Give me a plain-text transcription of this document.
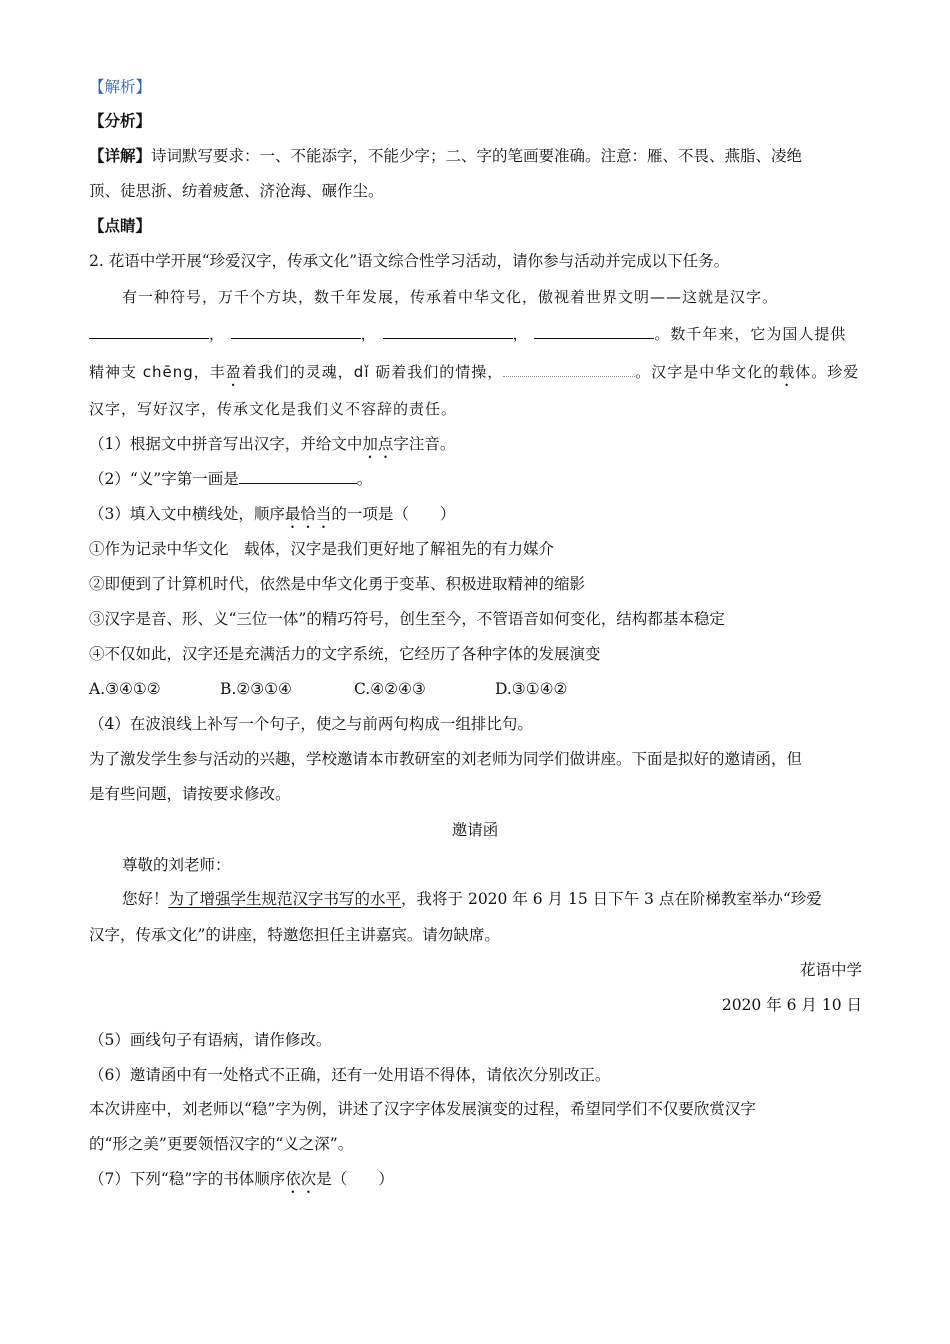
【解析】
【分析】
【详解】诗词默写要求：一、不能添字，不能少字；二、字的笔画要准确。注意：雁、不畏、燕脂、凌绝
顶、徒思浙、纺着疲惫、济沧海、碾作尘。
【点睛】
2. 花语中学开展“珍爱汉字，传承文化”语文综合性学习活动，请你参与活动并完成以下任务。
有一种符号，万千个方块，数千年发展，传承着中华文化，傲视着世界文明——这就是汉字。
，	，	，	。数千年来，它为国人提供
精神支 chēng，丰盈着我们的灵魂，dǐ 砺着我们的情操，	。汉字是中华文化的载体。珍爱
汉字，写好汉字，传承文化是我们义不容辞的责任。
（1）根据文中拼音写出汉字，并给文中加点字注音。
（2）“义”字第一画是	。
（3）填入文中横线处，顺序最恰当的一项是（　　）
①作为记录中华文化　载体，汉字是我们更好地了解祖先的有力媒介
②即便到了计算机时代，依然是中华文化勇于变革、积极进取精神的缩影
③汉字是音、形、义“三位一体”的精巧符号，创生至今，不管语音如何变化，结构都基本稳定
④不仅如此，汉字还是充满活力的文字系统，它经历了各种字体的发展演变
A.③④①②	B.②③①④	C.④②④③	D.③①④②
（4）在波浪线上补写一个句子，使之与前两句构成一组排比句。
为了激发学生参与活动的兴趣，学校邀请本市教研室的刘老师为同学们做讲座。下面是拟好的邀请函，但
是有些问题，请按要求修改。
邀请函
尊敬的刘老师：
您好！为了增强学生规范汉字书写的水平，我将于 2020 年 6 月 15 日下午 3 点在阶梯教室举办“珍爱
汉字，传承文化”的讲座，特邀您担任主讲嘉宾。请勿缺席。
花语中学
2020 年 6 月 10 日
（5）画线句子有语病，请作修改。
（6）邀请函中有一处格式不正确，还有一处用语不得体，请依次分别改正。
本次讲座中，刘老师以“稳”字为例，讲述了汉字字体发展演变的过程，希望同学们不仅要欣赏汉字
的“形之美”更要领悟汉字的“义之深”。
（7）下列“稳”字的书体顺序依次是（　　）
